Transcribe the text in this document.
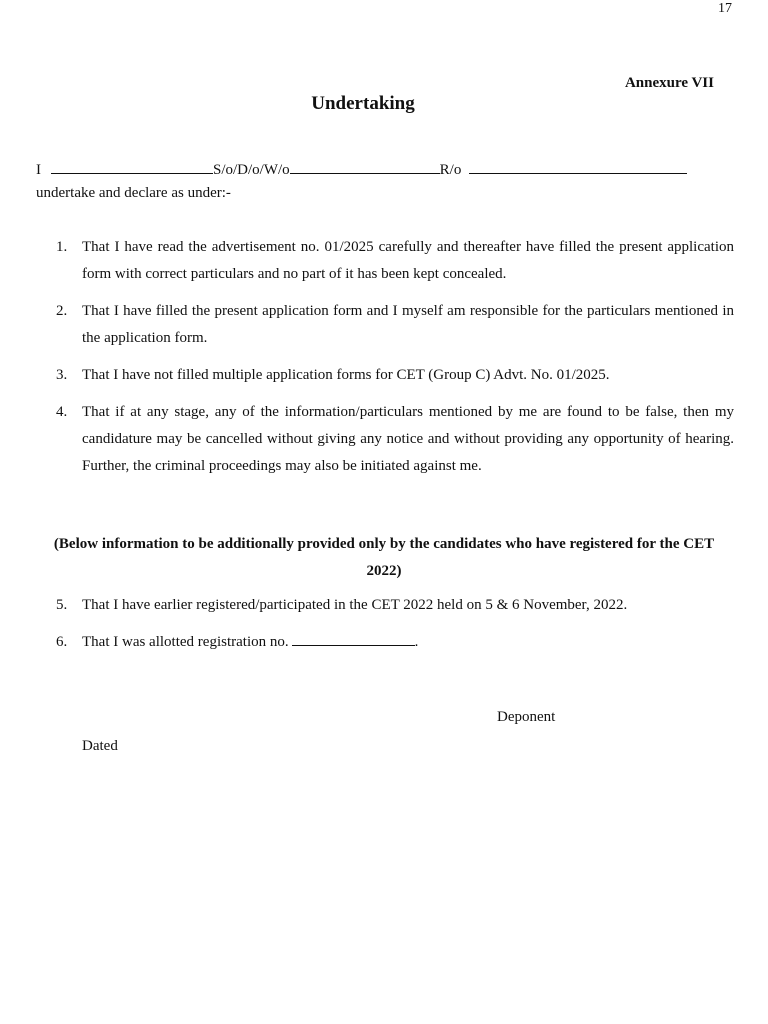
17
Annexure VII
Undertaking
I	S/o/D/o/W/o	R/o
undertake and declare as under:-
1. That I have read the advertisement no. 01/2025 carefully and thereafter have filled the present application form with correct particulars and no part of it has been kept concealed.
2. That I have filled the present application form and I myself am responsible for the particulars mentioned in the application form.
3. That I have not filled multiple application forms for CET (Group C) Advt. No. 01/2025.
4. That if at any stage, any of the information/particulars mentioned by me are found to be false, then my candidature may be cancelled without giving any notice and without providing any opportunity of hearing. Further, the criminal proceedings may also be initiated against me.
(Below information to be additionally provided only by the candidates who have registered for the CET 2022)
5. That I have earlier registered/participated in the CET 2022 held on 5 & 6 November, 2022.
6. That I was allotted registration no.	.
Deponent
Dated
